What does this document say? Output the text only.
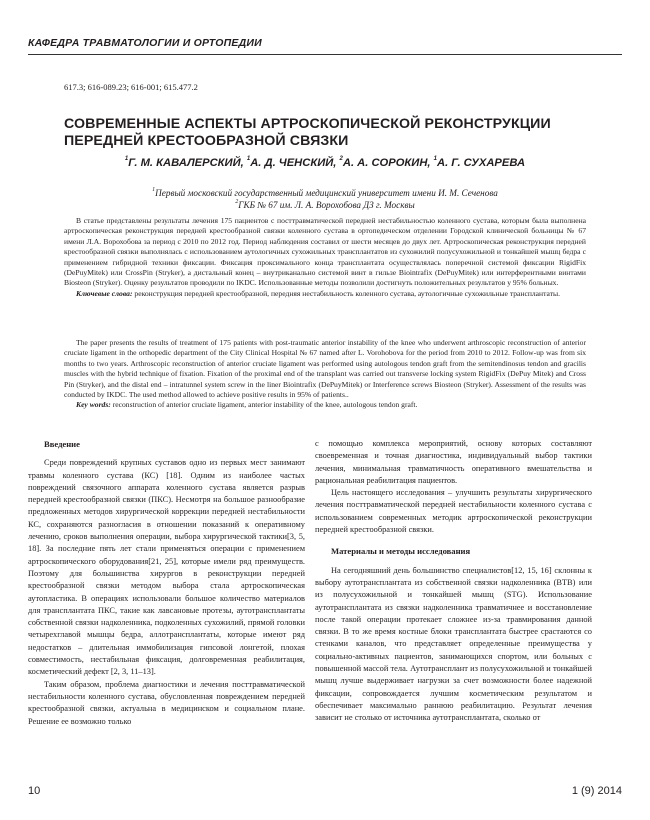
КАФЕДРА ТРАВМАТОЛОГИИ И ОРТОПЕДИИ
617.3; 616-089.23; 616-001; 615.477.2
СОВРЕМЕННЫЕ АСПЕКТЫ АРТРОСКОПИЧЕСКОЙ РЕКОНСТРУКЦИИ ПЕРЕДНЕЙ КРЕСТООБРАЗНОЙ СВЯЗКИ
$^1$Г. М. КАВАЛЕРСКИЙ, $^1$А. Д. ЧЕНСКИЙ, $^2$А. А. СОРОКИН, $^1$А. Г. СУХАРЕВА
$^1$Первый московский государственный медицинский университет имени И. М. Сеченова
$^2$ГКБ № 67 им. Л. А. Ворохобова ДЗ г. Москвы

В статье представлены результаты лечения 175 пациентов с посттравматической передней нестабильностью коленного сустава, которым была выполнена артроскопическая реконструкция передней крестообразной связки коленного сустава в ортопедическом отделении Городской клинической больницы № 67 имени Л.А. Ворохобова за период с 2010 по 2012 год. Период наблюдения составил от шести месяцев до двух лет. Артроскопическая реконструкция передней крестообразной связки выполнялась с использованием аутологичных сухожильных трансплантатов из сухожилий полусухожильной и тонкайшей мышц бедра с применением гибридной техники фиксации. Фиксация проксимального конца трансплантата осуществлялась поперечной системой фиксации RigidFix (DePuyMitek) или CrossPin (Stryker), а дистальный конец – внутриканально системой винт в гильзе Biointrafix (DePuyMitek) или интерферентными винтами Biosteon (Stryker). Оценку результатов проводили по IKDC. Использованные методы позволили достигнуть положительных результатов у 95% больных.

Ключевые слова: реконструкция передней крестообразной, передняя нестабильность коленного сустава, аутологичные сухожильные трансплантаты.

The paper presents the results of treatment of 175 patients with post-traumatic anterior instability of the knee who underwent arthroscopic reconstruction of anterior cruciate ligament in the orthopedic department of the City Clinical Hospital № 67 named after L. Vorohobova for the period from 2010 to 2012. Follow-up was from six months to two years. Arthroscopic reconstruction of anterior cruciate ligament was performed using autologous tendon graft from the semitendinosus tendon and gracilis muscles with the hybrid technique of fixation. Fixation of the proximal end of the transplant was carried out transverse locking system RigidFix (DePuy Mitek) and Cross Pin (Stryker), and the distal end – intratunnel system screw in the liner Biointrafix (DePuyMitek) or Interference screws Biosteon (Stryker). Assessment of the results was conducted by IKDC. The used method allowed to achieve positive results in 95% of patients..

Key words: reconstruction of anterior cruciate ligament, anterior instability of the knee, autologous tendon graft.

Введение

Среди повреждений крупных суставов одно из первых мест занимают травмы коленного сустава (КС) [18]. Одним из наиболее частых повреждений связочного аппарата коленного сустава является разрыв передней крестообразной связки (ПКС). Несмотря на большое разнообразие предложенных методов хирургической коррекции передней нестабильности КС, сохраняются разногласия в отношении показаний к оперативному лечению, сроков выполнения операции, выбора хирургической тактики[3, 5, 18]. За последние пять лет стали применяться операции с применением артроскопического оборудования[21, 25], которые имели ряд преимуществ. Поэтому для большинства хирургов в реконструкции передней крестообразной связки методом выбора стала артроскопическая аутопластика. В операциях использовали большое количество материалов для трансплантата ПКС, такие как лавсановые протезы, аутотрансплантаты собственной связки надколенника, подколенных сухожилий, прямой головки четырехглавой мышцы бедра, аллотрансплантаты, которые имеют ряд недостатков – длительная иммобилизация гипсовой лонгетой, плохая совместимость, нестабильная фиксация, долговременная реабилитация, косметический дефект [2, 3, 11–13].

Таким образом, проблема диагностики и лечения посттравматической нестабильности коленного сустава, обусловленная повреждением передней крестообразной связки, актуальна в медицинском и социальном плане. Решение ее возможно только

с помощью комплекса мероприятий, основу которых составляют своевременная и точная диагностика, индивидуальный выбор тактики лечения, минимальная травматичность оперативного вмешательства и рациональная реабилитация пациентов.

Цель настоящего исследования – улучшить результаты хирургического лечения посттравматической передней нестабильности коленного сустава с использованием современных методик артроскопической реконструкции передней крестообразной связки.

Материалы и методы исследования

На сегодняшний день большинство специалистов[12, 15, 16] склонны к выбору аутотрансплантата из собственной связки надколенника (ВТВ) или из полусухожильной и тонкайшей мышц (STG). Использование аутотрансплантата из связки надколенника травматичнее и восстановление после такой операции протекает сложнее из-за травмирования данной связки. В то же время костные блоки трансплантата быстрее срастаются со стенками каналов, что представляет определенные преимущества у социально-активных пациентов, занимающихся спортом, или больных с повышенной массой тела. Аутотрансплант из полусухожильной и тонкайшей мышц лучше выдерживает нагрузки за счет возможности более надежной фиксации, сопровождается лучшим косметическим результатом и обеспечивает максимально раннюю реабилитацию. Результат лечения зависит не столько от источника аутотрансплантата, сколько от

10	1 (9) 2014
